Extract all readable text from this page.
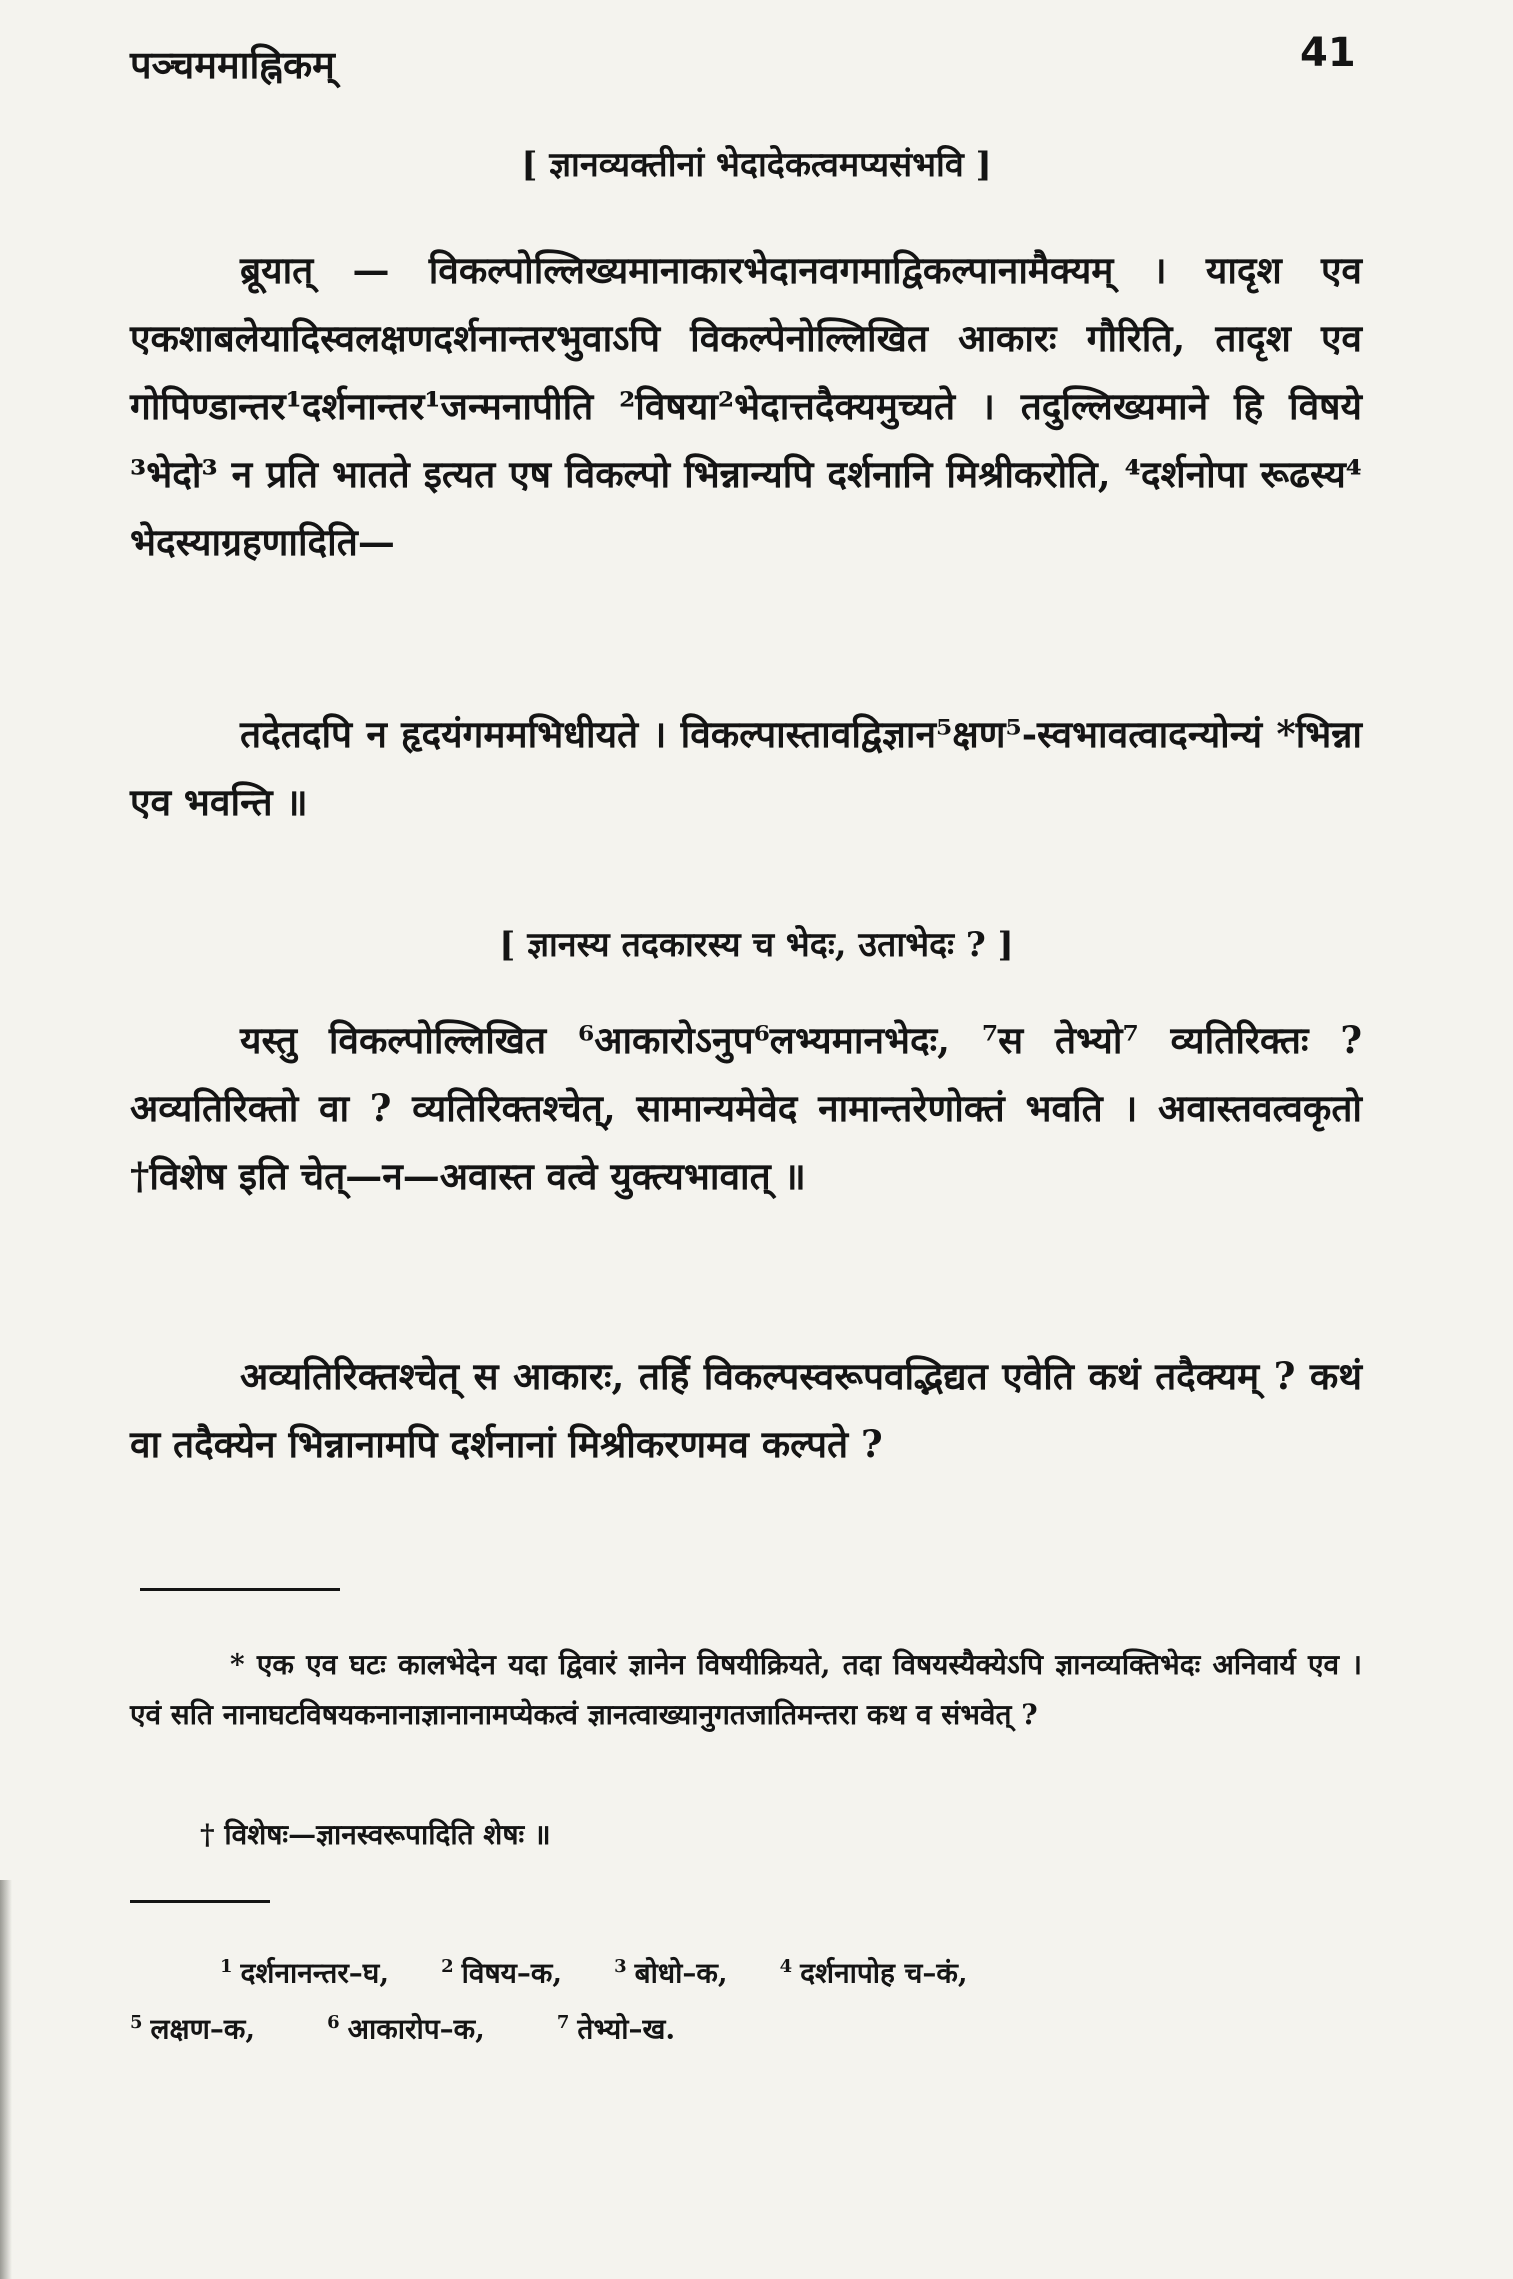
पञ्चममाह्निकम्	41
[ ज्ञानव्यक्तीनां भेदादेकत्वमप्यसंभवि ]
ब्रूयात् — विकल्पोल्लिख्यमानाकारभेदानवगमाद्विकल्पानामैक्यम् । यादृश एव एकशाबलेयादिस्वलक्षणदर्शनान्तरभुवाऽपि विकल्पेनोल्लिखित आकारः गौरिति, तादृश एव गोपिण्डान्तर¹दर्शनान्तर¹जन्मनापीति ²विषया²भेदात्तदैक्यमुच्यते । तदुल्लिख्यमाने हि विषये ³भेदो³ न प्रति भातते इत्यत एष विकल्पो भिन्नान्यपि दर्शनानि मिश्रीकरोति, ⁴दर्शनोपा रूढस्य⁴ भेदस्याग्रहणादिति—
तदेतदपि न हृदयंगममभिधीयते । विकल्पास्तावद्विज्ञान⁵क्षण⁵-स्वभावत्वादन्योन्यं *भिन्ना एव भवन्ति ॥
[ ज्ञानस्य तदकारस्य च भेदः, उताभेदः ? ]
यस्तु विकल्पोल्लिखित ⁶आकारोऽनुप⁶लभ्यमानभेदः, ⁷स तेभ्यो⁷ व्यतिरिक्तः ? अव्यतिरिक्तो वा ? व्यतिरिक्तश्चेत्, सामान्यमेवेद नामान्तरेणोक्तं भवति । अवास्तवत्वकृतो †विशेष इति चेत्—न—अवास्त वत्वे युक्त्यभावात् ॥
अव्यतिरिक्तश्चेत् स आकारः, तर्हि विकल्पस्वरूपवद्भिद्यत एवेति कथं तदैक्यम् ? कथं वा तदैक्येन भिन्नानामपि दर्शनानां मिश्रीकरणमव कल्पते ?
* एक एव घटः कालभेदेन यदा द्विवारं ज्ञानेन विषयीक्रियते, तदा विषयस्यैक्येऽपि ज्ञानव्यक्तिभेदः अनिवार्य एव । एवं सति नानाघटविषयकनानाज्ञानानामप्येकत्वं ज्ञानत्वाख्यानुगतजातिमन्तरा कथ व संभवेत् ?
† विशेषः—ज्ञानस्वरूपादिति शेषः ॥
$^1$ दर्शनानन्तर–घ,	$^2$ विषय–क,	$^3$ बोधो–क,	$^4$ दर्शनापोह च–कं,
$^5$ लक्षण–क,	$^6$ आकारोप–क,	$^7$ तेभ्यो–ख.
